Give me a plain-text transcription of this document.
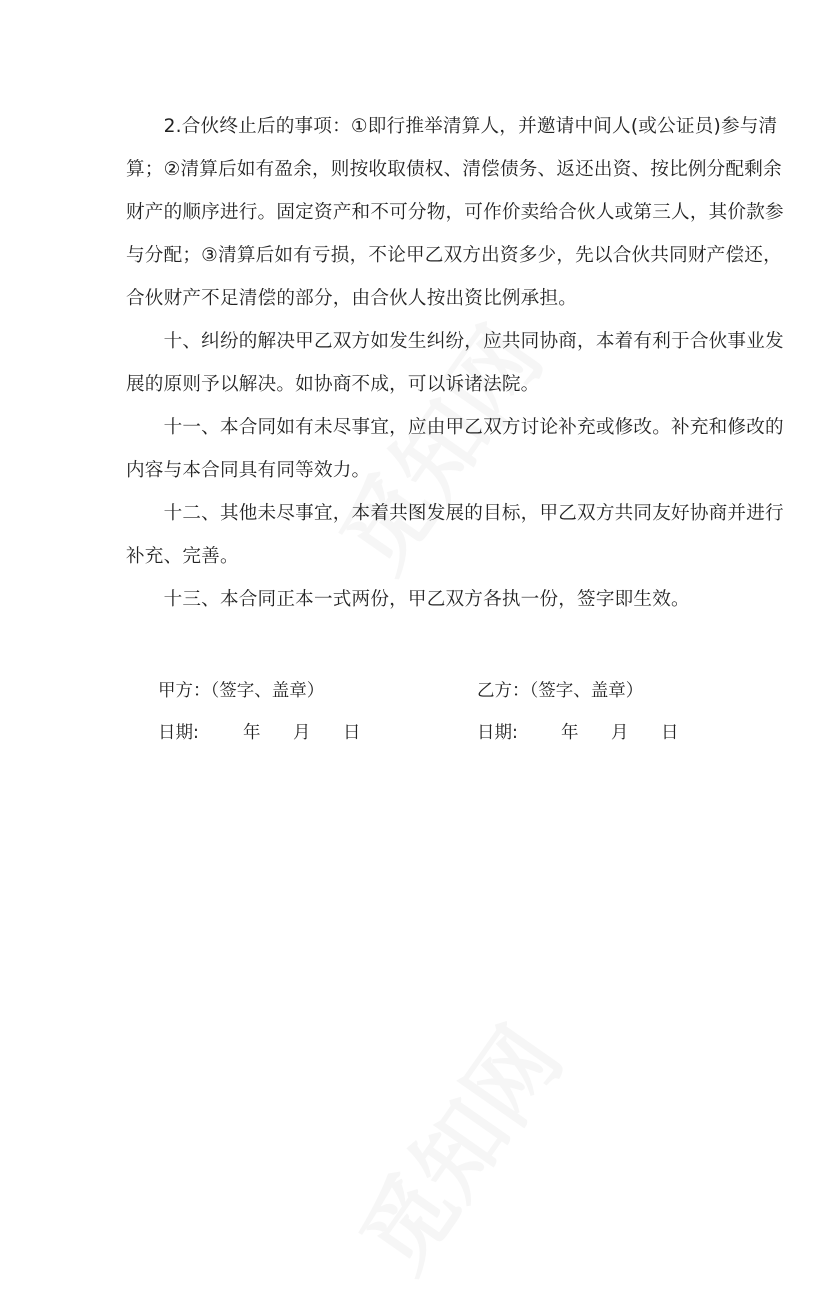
　　2.合伙终止后的事项：①即行推举清算人，并邀请中间人(或公证员)参与清
算；②清算后如有盈余，则按收取债权、清偿债务、返还出资、按比例分配剩余
财产的顺序进行。固定资产和不可分物，可作价卖给合伙人或第三人，其价款参
与分配；③清算后如有亏损，不论甲乙双方出资多少，先以合伙共同财产偿还，
合伙财产不足清偿的部分，由合伙人按出资比例承担。
　　十、纠纷的解决甲乙双方如发生纠纷，应共同协商，本着有利于合伙事业发
展的原则予以解决。如协商不成，可以诉诸法院。
　　十一、本合同如有未尽事宜，应由甲乙双方讨论补充或修改。补充和修改的
内容与本合同具有同等效力。
　　十二、其他未尽事宜，本着共图发展的目标，甲乙双方共同友好协商并进行
补充、完善。
　　十三、本合同正本一式两份，甲乙双方各执一份，签字即生效。
甲方：（签字、盖章）
日期:	年 月 日
乙方：（签字、盖章）
日期: 年 月 日
